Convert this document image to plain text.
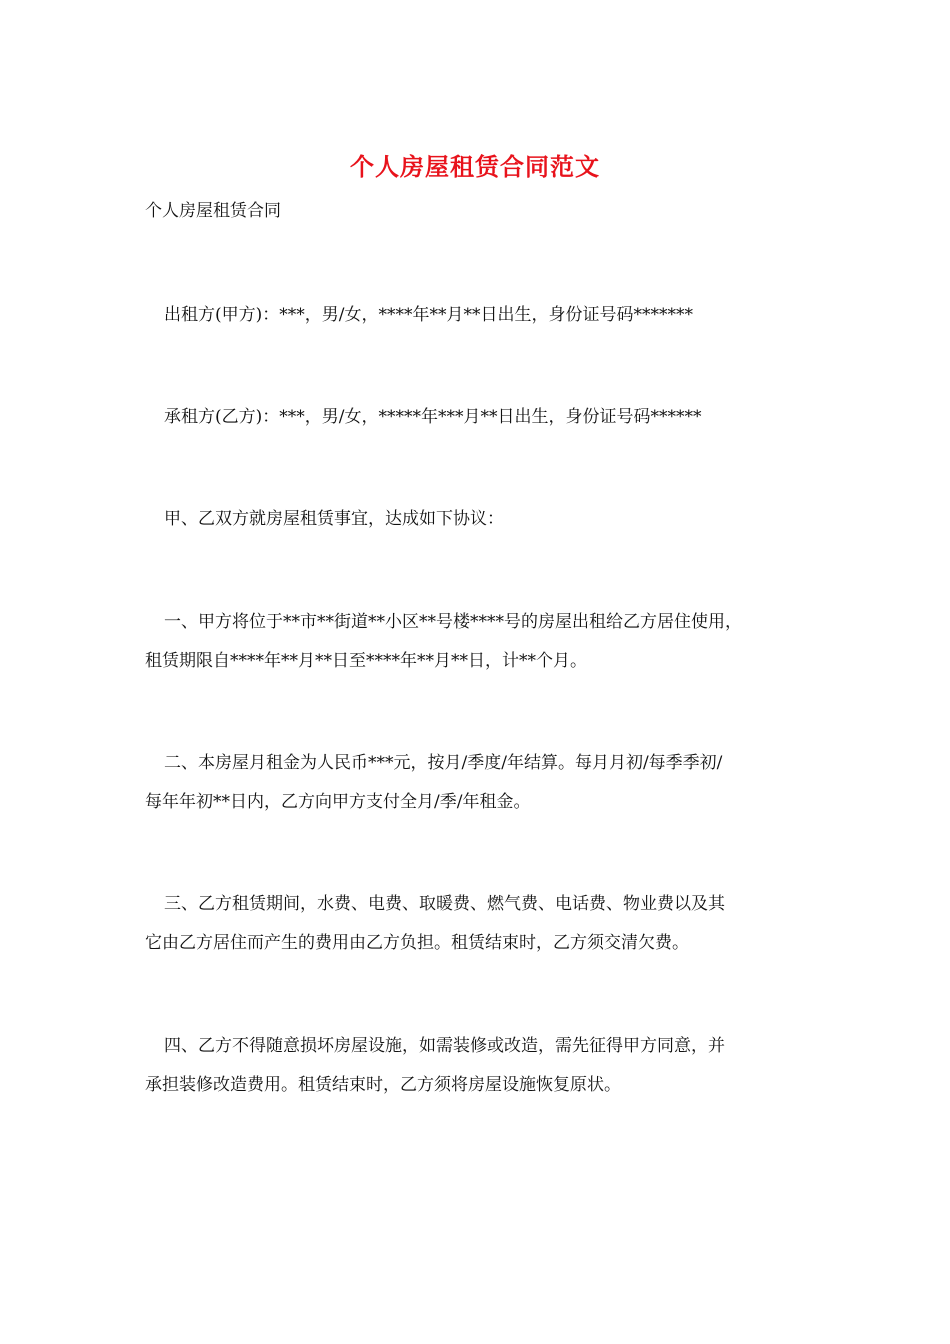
个人房屋租赁合同范文

个人房屋租赁合同

出租方(甲方)：***，男/女，****年**月**日出生，身份证号码*******

承租方(乙方)：***，男/女，*****年***月**日出生，身份证号码******

甲、乙双方就房屋租赁事宜，达成如下协议：

一、甲方将位于**市**街道**小区**号楼****号的房屋出租给乙方居住使用，
租赁期限自****年**月**日至****年**月**日，计**个月。

二、本房屋月租金为人民币***元，按月/季度/年结算。每月月初/每季季初/
每年年初**日内，乙方向甲方支付全月/季/年租金。

三、乙方租赁期间，水费、电费、取暖费、燃气费、电话费、物业费以及其
它由乙方居住而产生的费用由乙方负担。租赁结束时，乙方须交清欠费。

四、乙方不得随意损坏房屋设施，如需装修或改造，需先征得甲方同意，并
承担装修改造费用。租赁结束时，乙方须将房屋设施恢复原状。
